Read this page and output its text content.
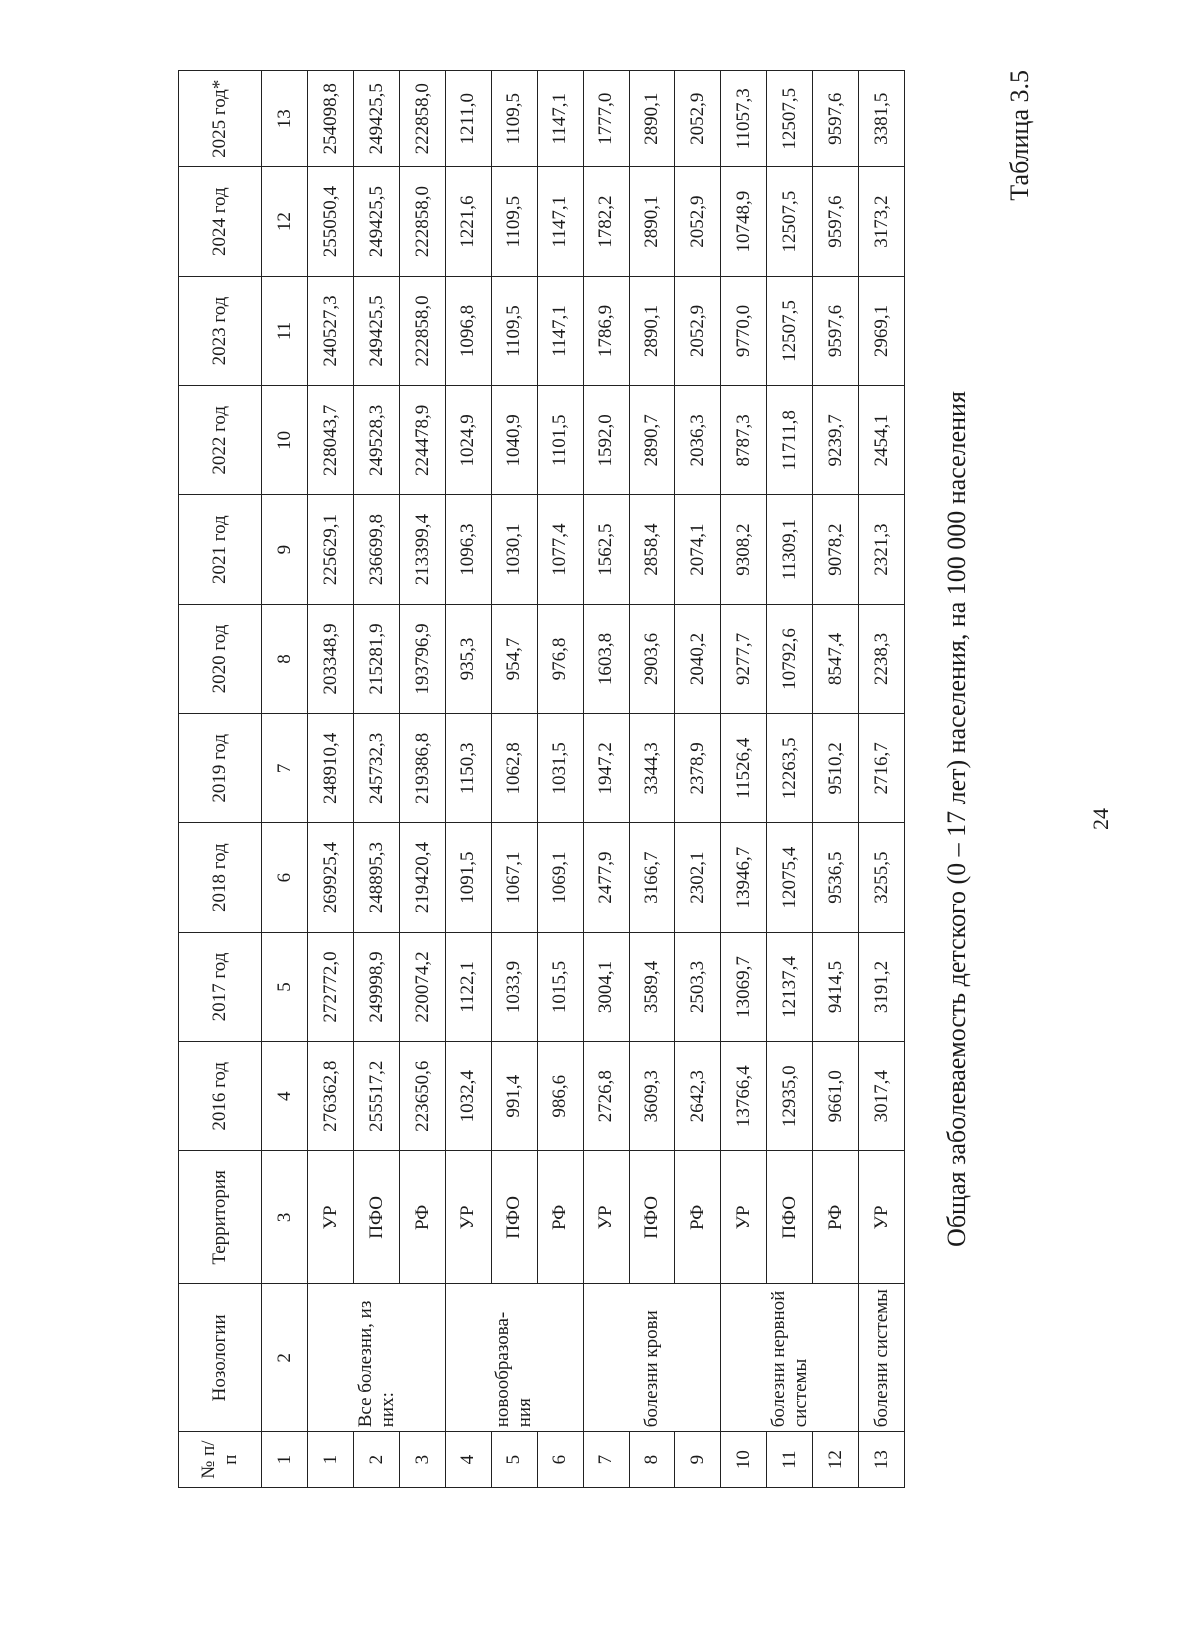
24
Таблица 3.5
Общая заболеваемость детского (0 – 17 лет) населения, на 100 000 населения
№ п/п	Нозологии	Территория	2016 год	2017 год	2018 год	2019 год	2020 год	2021 год	2022 год	2023 год	2024 год	2025 год*
1	2	3	4	5	6	7	8	9	10	11	12	13
1	Все болезни, из них:	УР	276362,8	272772,0	269925,4	248910,4	203348,9	225629,1	228043,7	240527,3	255050,4	254098,8
2		ПФО	255517,2	249998,9	248895,3	245732,3	215281,9	236699,8	249528,3	249425,5	249425,5	249425,5
3		РФ	223650,6	220074,2	219420,4	219386,8	193796,9	213399,4	224478,9	222858,0	222858,0	222858,0
4	новообразова-ния	УР	1032,4	1122,1	1091,5	1150,3	935,3	1096,3	1024,9	1096,8	1221,6	1211,0
5		ПФО	991,4	1033,9	1067,1	1062,8	954,7	1030,1	1040,9	1109,5	1109,5	1109,5
6		РФ	986,6	1015,5	1069,1	1031,5	976,8	1077,4	1101,5	1147,1	1147,1	1147,1
7	болезни крови	УР	2726,8	3004,1	2477,9	1947,2	1603,8	1562,5	1592,0	1786,9	1782,2	1777,0
8		ПФО	3609,3	3589,4	3166,7	3344,3	2903,6	2858,4	2890,7	2890,1	2890,1	2890,1
9		РФ	2642,3	2503,3	2302,1	2378,9	2040,2	2074,1	2036,3	2052,9	2052,9	2052,9
10	болезни нервной системы	УР	13766,4	13069,7	13946,7	11526,4	9277,7	9308,2	8787,3	9770,0	10748,9	11057,3
11		ПФО	12935,0	12137,4	12075,4	12263,5	10792,6	11309,1	11711,8	12507,5	12507,5	12507,5
12		РФ	9661,0	9414,5	9536,5	9510,2	8547,4	9078,2	9239,7	9597,6	9597,6	9597,6
13	болезни системы	УР	3017,4	3191,2	3255,5	2716,7	2238,3	2321,3	2454,1	2969,1	3173,2	3381,5
